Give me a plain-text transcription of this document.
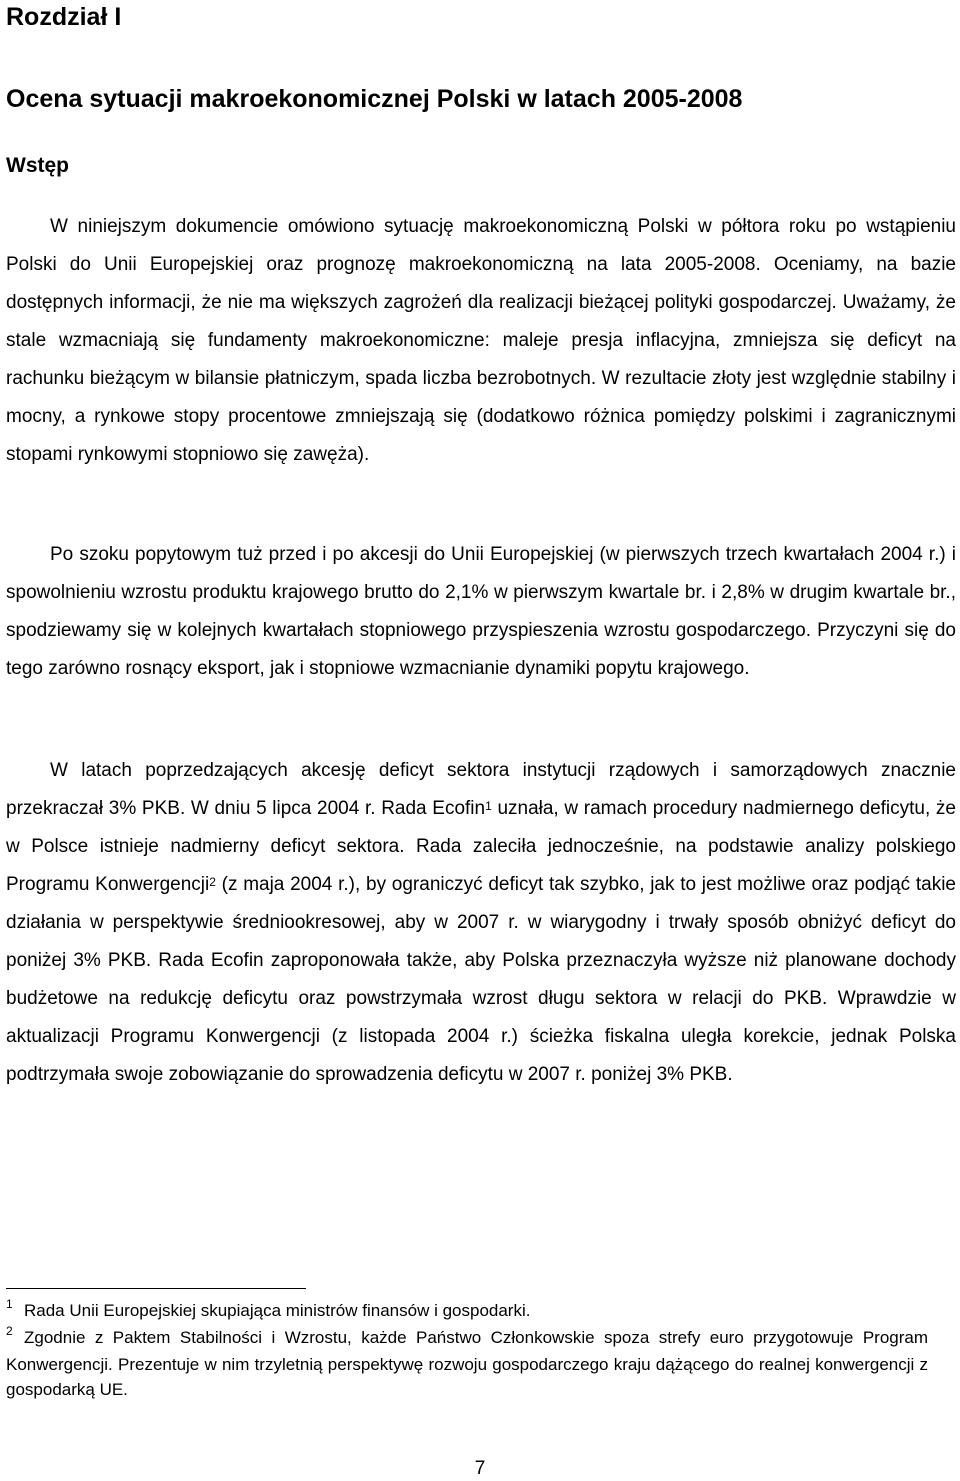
Rozdział I
Ocena sytuacji makroekonomicznej Polski w latach 2005-2008
Wstęp

W niniejszym dokumencie omówiono sytuację makroekonomiczną Polski w półtora roku po wstąpieniu Polski do Unii Europejskiej oraz prognozę makroekonomiczną na lata 2005-2008. Oceniamy, na bazie dostępnych informacji, że nie ma większych zagrożeń dla realizacji bieżącej polityki gospodarczej. Uważamy, że stale wzmacniają się fundamenty makroekonomiczne: maleje presja inflacyjna, zmniejsza się deficyt na rachunku bieżącym w bilansie płatniczym, spada liczba bezrobotnych. W rezultacie złoty jest względnie stabilny i mocny, a rynkowe stopy procentowe zmniejszają się (dodatkowo różnica pomiędzy polskimi i zagranicznymi stopami rynkowymi stopniowo się zawęża).

Po szoku popytowym tuż przed i po akcesji do Unii Europejskiej (w pierwszych trzech kwartałach 2004 r.) i spowolnieniu wzrostu produktu krajowego brutto do 2,1% w pierwszym kwartale br. i 2,8% w drugim kwartale br., spodziewamy się w kolejnych kwartałach stopniowego przyspieszenia wzrostu gospodarczego. Przyczyni się do tego zarówno rosnący eksport, jak i stopniowe wzmacnianie dynamiki popytu krajowego.

W latach poprzedzających akcesję deficyt sektora instytucji rządowych i samorządowych znacznie przekraczał 3% PKB. W dniu 5 lipca 2004 r. Rada Ecofin$^1$ uznała, w ramach procedury nadmiernego deficytu, że w Polsce istnieje nadmierny deficyt sektora. Rada zaleciła jednocześnie, na podstawie analizy polskiego Programu Konwergencji$^2$ (z maja 2004 r.), by ograniczyć deficyt tak szybko, jak to jest możliwe oraz podjąć takie działania w perspektywie średniookresowej, aby w 2007 r. w wiarygodny i trwały sposób obniżyć deficyt do poniżej 3% PKB. Rada Ecofin zaproponowała także, aby Polska przeznaczyła wyższe niż planowane dochody budżetowe na redukcję deficytu oraz powstrzymała wzrost długu sektora w relacji do PKB. Wprawdzie w aktualizacji Programu Konwergencji (z listopada 2004 r.) ścieżka fiskalna uległa korekcie, jednak Polska podtrzymała swoje zobowiązanie do sprowadzenia deficytu w 2007 r. poniżej 3% PKB.

1 Rada Unii Europejskiej skupiająca ministrów finansów i gospodarki.

2 Zgodnie z Paktem Stabilności i Wzrostu, każde Państwo Członkowskie spoza strefy euro przygotowuje Program Konwergencji. Prezentuje w nim trzyletnią perspektywę rozwoju gospodarczego kraju dążącego do realnej konwergencji z gospodarką UE.

7
